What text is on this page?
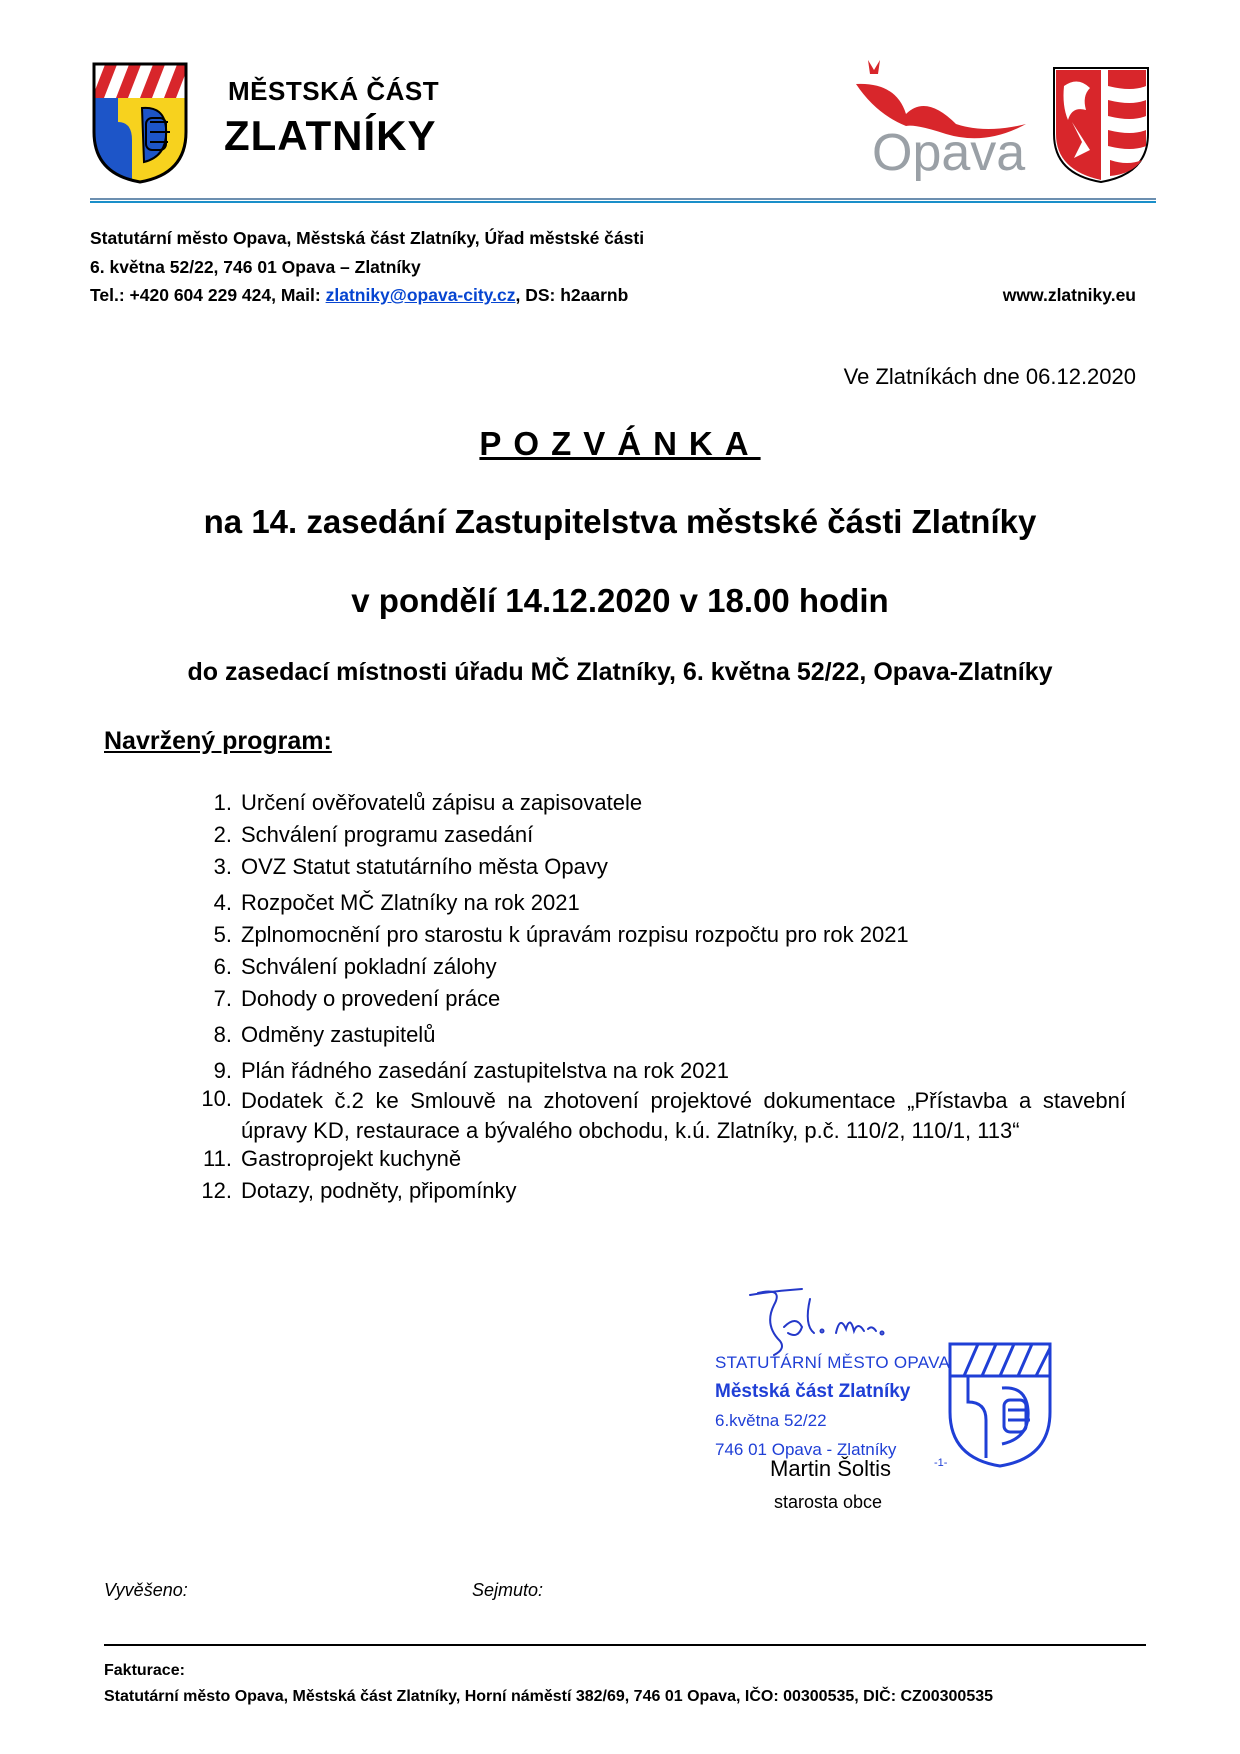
MĚSTSKÁ ČÁST
ZLATNÍKY	Opava
Statutární město Opava, Městská část Zlatníky, Úřad městské části
6. května 52/22, 746 01 Opava – Zlatníky
Tel.: +420 604 229 424, Mail: zlatniky@opava-city.cz, DS: h2aarnb	www.zlatniky.eu
Ve Zlatníkách dne 06.12.2020
POZVÁNKA
na 14. zasedání Zastupitelstva městské části Zlatníky
v pondělí 14.12.2020 v 18.00 hodin
do zasedací místnosti úřadu MČ Zlatníky, 6. května 52/22, Opava-Zlatníky
Navržený program:
1. Určení ověřovatelů zápisu a zapisovatele
2. Schválení programu zasedání
3. OVZ Statut statutárního města Opavy
4. Rozpočet MČ Zlatníky na rok 2021
5. Zplnomocnění pro starostu k úpravám rozpisu rozpočtu pro rok 2021
6. Schválení pokladní zálohy
7. Dohody o provedení práce
8. Odměny zastupitelů
9. Plán řádného zasedání zastupitelstva na rok 2021
10. Dodatek č.2 ke Smlouvě na zhotovení projektové dokumentace „Přístavba a stavební úpravy KD, restaurace a bývalého obchodu, k.ú. Zlatníky, p.č. 110/2, 110/1, 113“
11. Gastroprojekt kuchyně
12. Dotazy, podněty, připomínky
STATUTÁRNÍ MĚSTO OPAVA
Městská část Zlatníky
6.května 52/22
746 01 Opava - Zlatníky
-1-
Martin Šoltis
starosta obce
Vyvěšeno:	Sejmuto:
Fakturace:
Statutární město Opava, Městská část Zlatníky, Horní náměstí 382/69, 746 01 Opava, IČO: 00300535, DIČ: CZ00300535
